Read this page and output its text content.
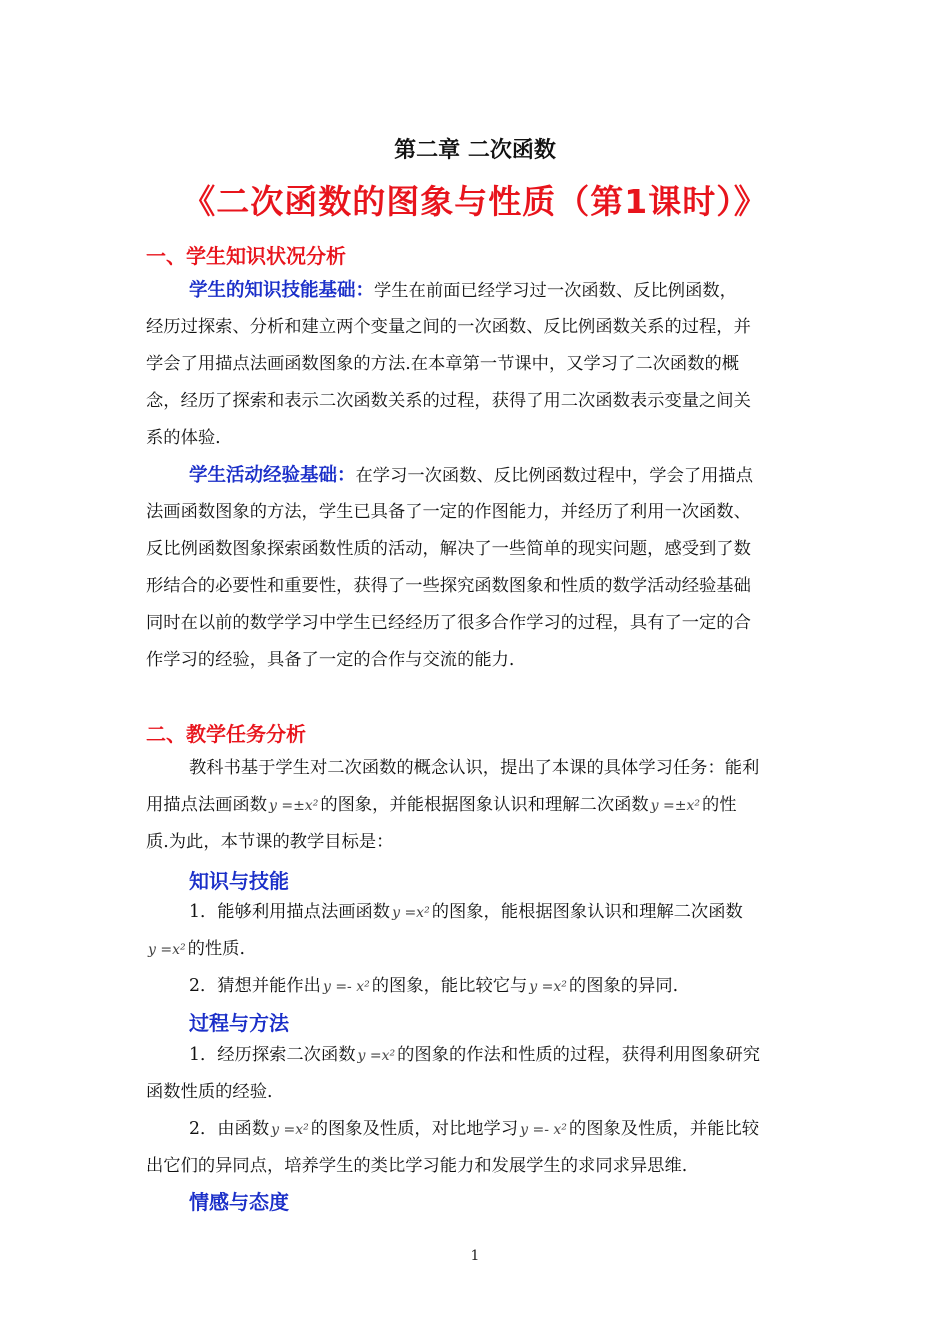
第二章 二次函数
《二次函数的图象与性质（第1课时）》
一、学生知识状况分析
学生的知识技能基础：学生在前面已经学习过一次函数、反比例函数，
经历过探索、分析和建立两个变量之间的一次函数、反比例函数关系的过程，并
学会了用描点法画函数图象的方法.在本章第一节课中，又学习了二次函数的概
念，经历了探索和表示二次函数关系的过程，获得了用二次函数表示变量之间关
系的体验.
学生活动经验基础：在学习一次函数、反比例函数过程中，学会了用描点
法画函数图象的方法，学生已具备了一定的作图能力，并经历了利用一次函数、
反比例函数图象探索函数性质的活动，解决了一些简单的现实问题，感受到了数
形结合的必要性和重要性，获得了一些探究函数图象和性质的数学活动经验基础
同时在以前的数学学习中学生已经经历了很多合作学习的过程，具有了一定的合
作学习的经验，具备了一定的合作与交流的能力.
二、教学任务分析
教科书基于学生对二次函数的概念认识，提出了本课的具体学习任务：能利
用描点法画函数 y =±x² 的图象，并能根据图象认识和理解二次函数 y =±x² 的性
质.为此，本节课的教学目标是：
知识与技能
1．能够利用描点法画函数 y =x² 的图象，能根据图象认识和理解二次函数
y =x² 的性质.
2．猜想并能作出 y =- x² 的图象，能比较它与 y =x² 的图象的异同.
过程与方法
1．经历探索二次函数 y =x² 的图象的作法和性质的过程，获得利用图象研究
函数性质的经验.
2．由函数 y =x² 的图象及性质，对比地学习 y =- x² 的图象及性质，并能比较
出它们的异同点，培养学生的类比学习能力和发展学生的求同求异思维.
情感与态度
1
